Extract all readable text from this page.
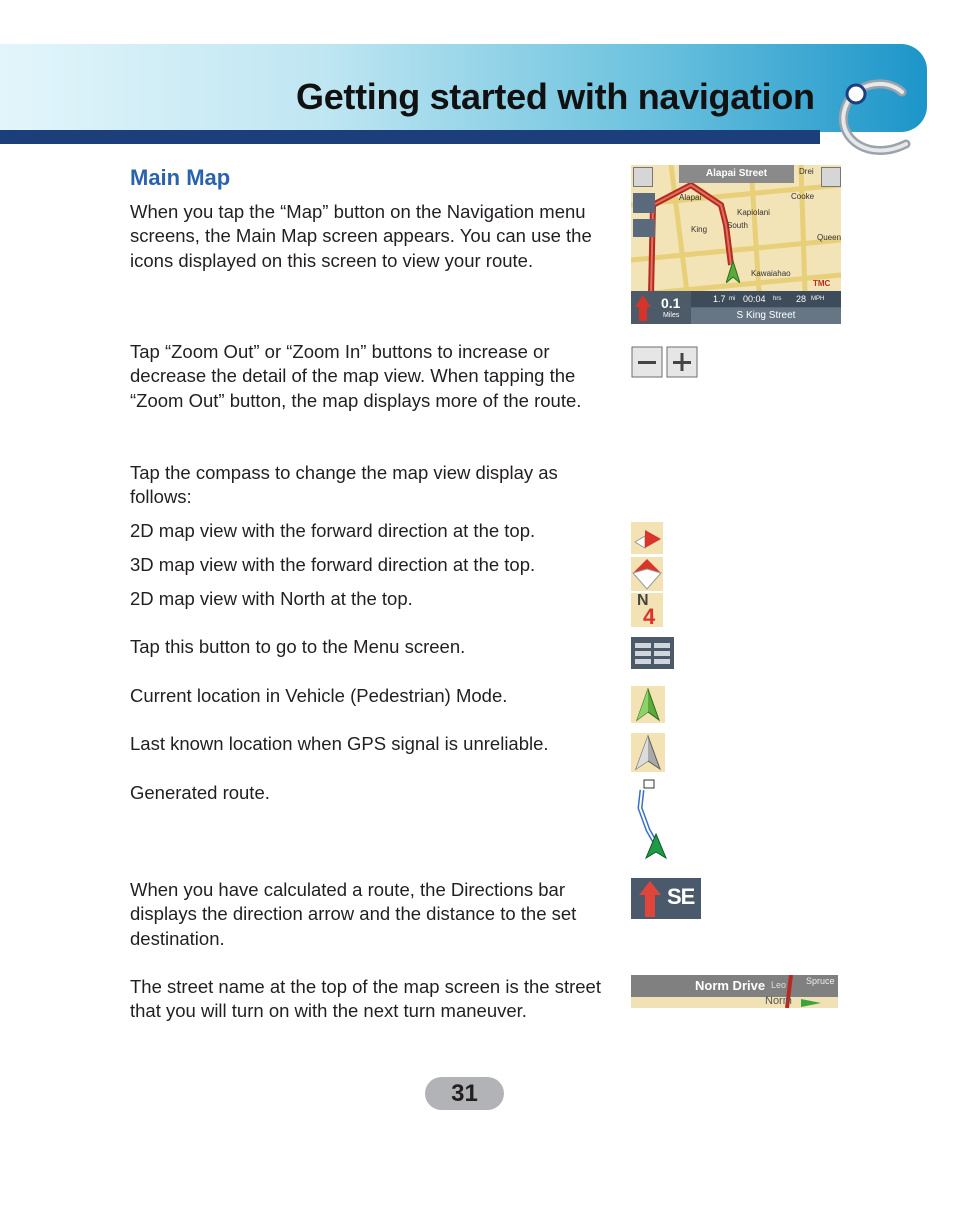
Getting started with navigation
Main Map

When you tap the “Map” button on the Navigation menu screens, the Main Map screen appears. You can use the icons displayed on this screen to view your route.

Tap “Zoom Out” or “Zoom In” buttons to increase or decrease the detail of the map view. When tapping the “Zoom Out” button, the map displays more of the route.

Tap the compass to change the map view display as follows:

2D map view with the forward direction at the top.
3D map view with the forward direction at the top.
2D map view with North at the top.
Tap this button to go to the Menu screen.
Current location in Vehicle (Pedestrian) Mode.
Last known location when GPS signal is unreliable.
Generated route.

When you have calculated a route, the Directions bar displays the direction arrow and the distance to the set destination.

The street name at the top of the map screen is the street that you will turn on with the next turn maneuver.

Alapai Street
Alapai
Kapiolani
South
Cooke
Queen
Kawaiahao
King
Drei
TMC
0.1
Miles
1.7 mi 00:04 hrs 28 MPH
S King Street
N
4
SE
Norm Drive
Norm
Leo Spruce
31
